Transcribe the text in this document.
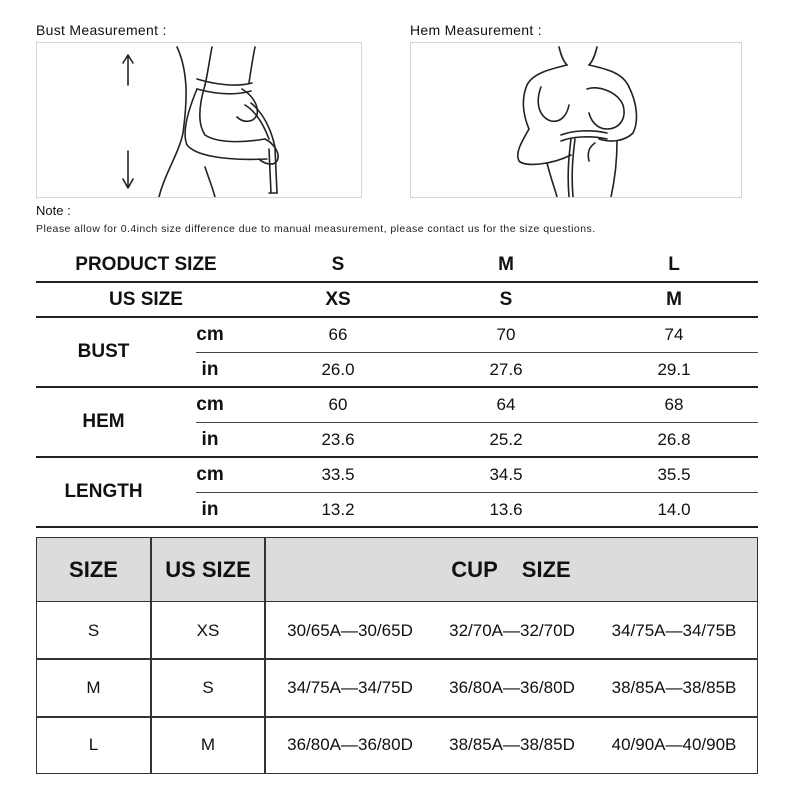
Bust Measurement :	Hem Measurement :
Note :
Please allow for 0.4inch size difference due to manual measurement, please contact us for the size questions.
PRODUCT SIZE	S	M	L
US SIZE	XS	S	M
BUST
cm	66	70	74
in	26.0	27.6	29.1
HEM
cm	60	64	68
in	23.6	25.2	26.8
LENGTH
cm	33.5	34.5	35.5
in	13.2	13.6	14.0
SIZE	US SIZE	CUP    SIZE
S	XS	30/65A—30/65D	32/70A—32/70D	34/75A—34/75B
M	S	34/75A—34/75D	36/80A—36/80D	38/85A—38/85B
L	M	36/80A—36/80D	38/85A—38/85D	40/90A—40/90B
